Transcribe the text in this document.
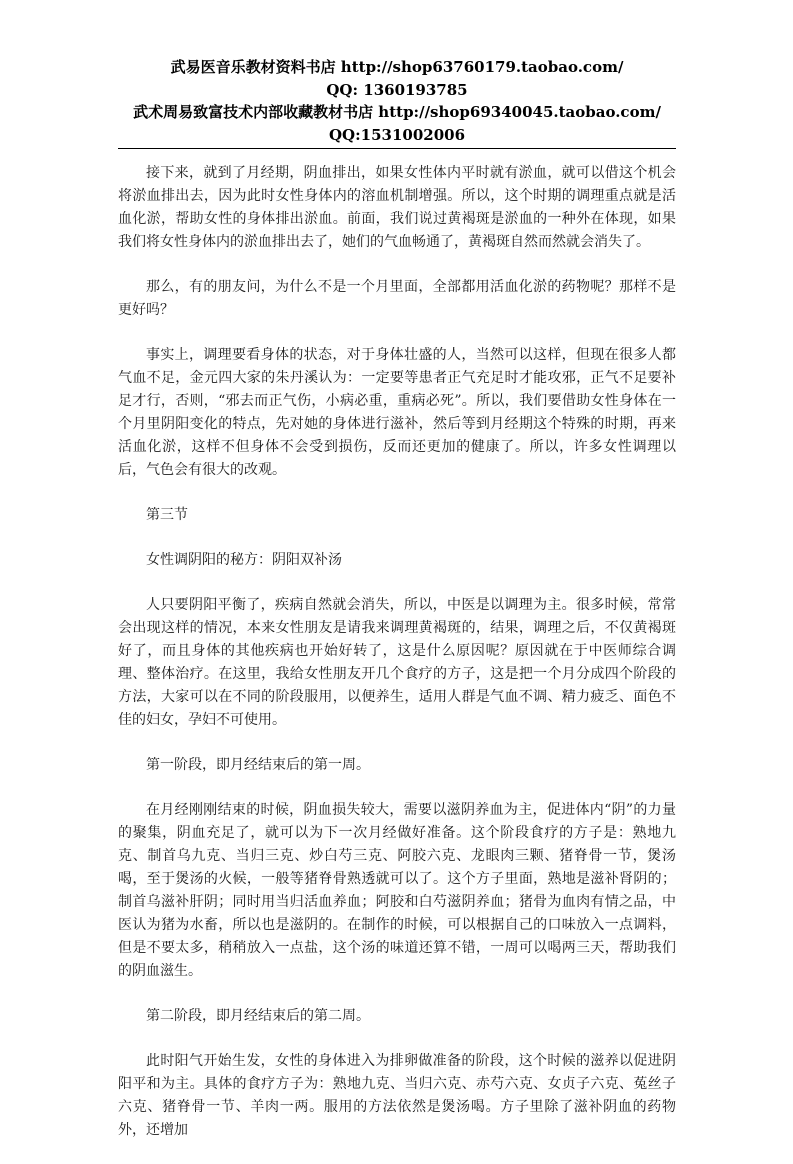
武易医音乐教材资料书店 http://shop63760179.taobao.com/
QQ: 1360193785
武术周易致富技术内部收藏教材书店 http://shop69340045.taobao.com/
QQ:1531002006

接下来，就到了月经期，阴血排出，如果女性体内平时就有淤血，就可以借这个机会将淤血排出去，因为此时女性身体内的溶血机制增强。所以，这个时期的调理重点就是活血化淤，帮助女性的身体排出淤血。前面，我们说过黄褐斑是淤血的一种外在体现，如果我们将女性身体内的淤血排出去了，她们的气血畅通了，黄褐斑自然而然就会消失了。

那么，有的朋友问，为什么不是一个月里面，全部都用活血化淤的药物呢？那样不是更好吗？

事实上，调理要看身体的状态，对于身体壮盛的人，当然可以这样，但现在很多人都气血不足，金元四大家的朱丹溪认为：一定要等患者正气充足时才能攻邪，正气不足要补足才行，否则，“邪去而正气伤，小病必重，重病必死”。所以，我们要借助女性身体在一个月里阴阳变化的特点，先对她的身体进行滋补，然后等到月经期这个特殊的时期，再来活血化淤，这样不但身体不会受到损伤，反而还更加的健康了。所以，许多女性调理以后，气色会有很大的改观。

第三节

女性调阴阳的秘方：阴阳双补汤

人只要阴阳平衡了，疾病自然就会消失，所以，中医是以调理为主。很多时候，常常会出现这样的情况，本来女性朋友是请我来调理黄褐斑的，结果，调理之后，不仅黄褐斑好了，而且身体的其他疾病也开始好转了，这是什么原因呢？原因就在于中医师综合调理、整体治疗。在这里，我给女性朋友开几个食疗的方子，这是把一个月分成四个阶段的方法，大家可以在不同的阶段服用，以便养生，适用人群是气血不调、精力疲乏、面色不佳的妇女，孕妇不可使用。

第一阶段，即月经结束后的第一周。

在月经刚刚结束的时候，阴血损失较大，需要以滋阴养血为主，促进体内“阴”的力量的聚集，阴血充足了，就可以为下一次月经做好准备。这个阶段食疗的方子是：熟地九克、制首乌九克、当归三克、炒白芍三克、阿胶六克、龙眼肉三颗、猪脊骨一节，煲汤喝，至于煲汤的火候，一般等猪脊骨熟透就可以了。这个方子里面，熟地是滋补肾阴的；制首乌滋补肝阴；同时用当归活血养血；阿胶和白芍滋阴养血；猪骨为血肉有情之品，中医认为猪为水畜，所以也是滋阴的。在制作的时候，可以根据自己的口味放入一点调料，但是不要太多，稍稍放入一点盐，这个汤的味道还算不错，一周可以喝两三天，帮助我们的阴血滋生。

第二阶段，即月经结束后的第二周。

此时阳气开始生发，女性的身体进入为排卵做准备的阶段，这个时候的滋养以促进阴阳平和为主。具体的食疗方子为：熟地九克、当归六克、赤芍六克、女贞子六克、菟丝子六克、猪脊骨一节、羊肉一两。服用的方法依然是煲汤喝。方子里除了滋补阴血的药物外，还增加
